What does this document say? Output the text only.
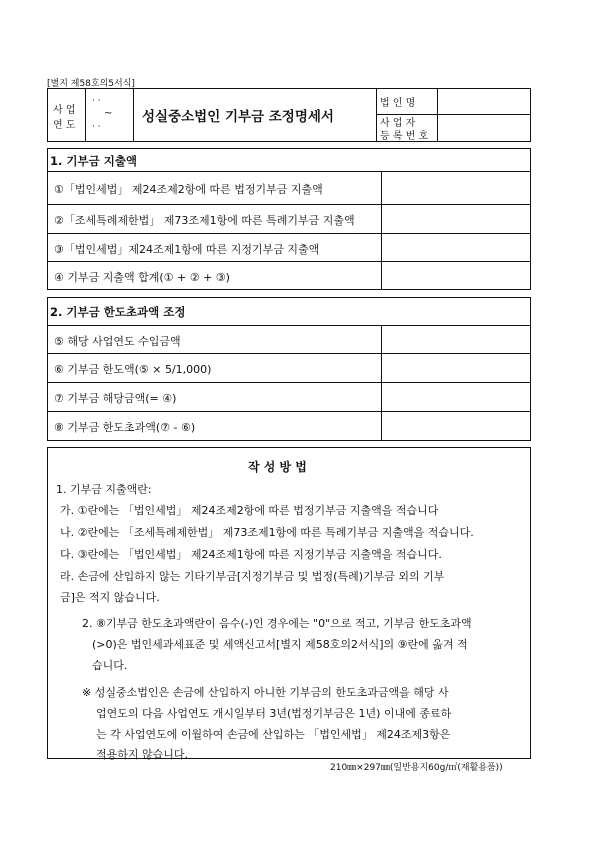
[별지 제58호의5서식]
사 업
연 도
· ·
~
· ·
성실중소법인 기부금 조정명세서
법 인 명
사 업 자
등 록 번 호
1. 기부금 지출액
①「법인세법」 제24조제2항에 따른 법정기부금 지출액
②「조세특례제한법」 제73조제1항에 따른 특례기부금 지출액
③「법인세법」제24조제1항에 따른 지정기부금 지출액
④ 기부금 지출액 합계(① + ② + ③)
2. 기부금 한도초과액 조정
⑤ 해당 사업연도 수입금액
⑥ 기부금 한도액(⑤ × 5/1,000)
⑦ 기부금 해당금액(= ④)
⑧ 기부금 한도초과액(⑦ - ⑥)
작 성 방 법
1. 기부금 지출액란:
가. ①란에는 「법인세법」 제24조제2항에 따른 법정기부금 지출액을 적습니다
나. ②란에는 「조세특례제한법」 제73조제1항에 따른 특례기부금 지출액을 적습니다.
다. ③란에는 「법인세법」 제24조제1항에 따른 지정기부금 지출액을 적습니다.
라. 손금에 산입하지 않는 기타기부금[지정기부금 및 법정(특례)기부금 외의 기부
금]은 적지 않습니다.
2. ⑧기부금 한도초과액란이 음수(-)인 경우에는 "0"으로 적고, 기부금 한도초과액
(>0)은 법인세과세표준 및 세액신고서[별지 제58호의2서식]의 ⑨란에 옮겨 적
습니다.
※ 성실중소법인은 손금에 산입하지 아니한 기부금의 한도초과금액을 해당 사
업연도의 다음 사업연도 개시일부터 3년(법정기부금은 1년) 이내에 종료하
는 각 사업연도에 이월하여 손금에 산입하는 「법인세법」 제24조제3항은
적용하지 않습니다.
210㎜×297㎜(일반용지60g/㎡(재활용품))
